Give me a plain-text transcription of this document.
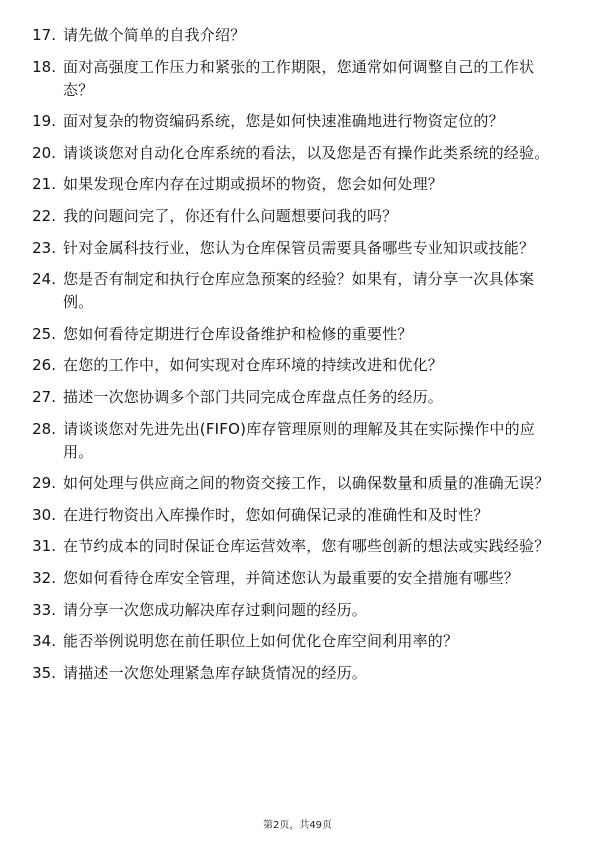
17. 请先做个简单的自我介绍？
18. 面对高强度工作压力和紧张的工作期限，您通常如何调整自己的工作状态？
19. 面对复杂的物资编码系统，您是如何快速准确地进行物资定位的？
20. 请谈谈您对自动化仓库系统的看法，以及您是否有操作此类系统的经验。
21. 如果发现仓库内存在过期或损坏的物资，您会如何处理？
22. 我的问题问完了，你还有什么问题想要问我的吗？
23. 针对金属科技行业，您认为仓库保管员需要具备哪些专业知识或技能？
24. 您是否有制定和执行仓库应急预案的经验？如果有，请分享一次具体案例。
25. 您如何看待定期进行仓库设备维护和检修的重要性？
26. 在您的工作中，如何实现对仓库环境的持续改进和优化？
27. 描述一次您协调多个部门共同完成仓库盘点任务的经历。
28. 请谈谈您对先进先出(FIFO)库存管理原则的理解及其在实际操作中的应用。
29. 如何处理与供应商之间的物资交接工作，以确保数量和质量的准确无误？
30. 在进行物资出入库操作时，您如何确保记录的准确性和及时性？
31. 在节约成本的同时保证仓库运营效率，您有哪些创新的想法或实践经验？
32. 您如何看待仓库安全管理，并简述您认为最重要的安全措施有哪些？
33. 请分享一次您成功解决库存过剩问题的经历。
34. 能否举例说明您在前任职位上如何优化仓库空间利用率的？
35. 请描述一次您处理紧急库存缺货情况的经历。
第2页，共49页
